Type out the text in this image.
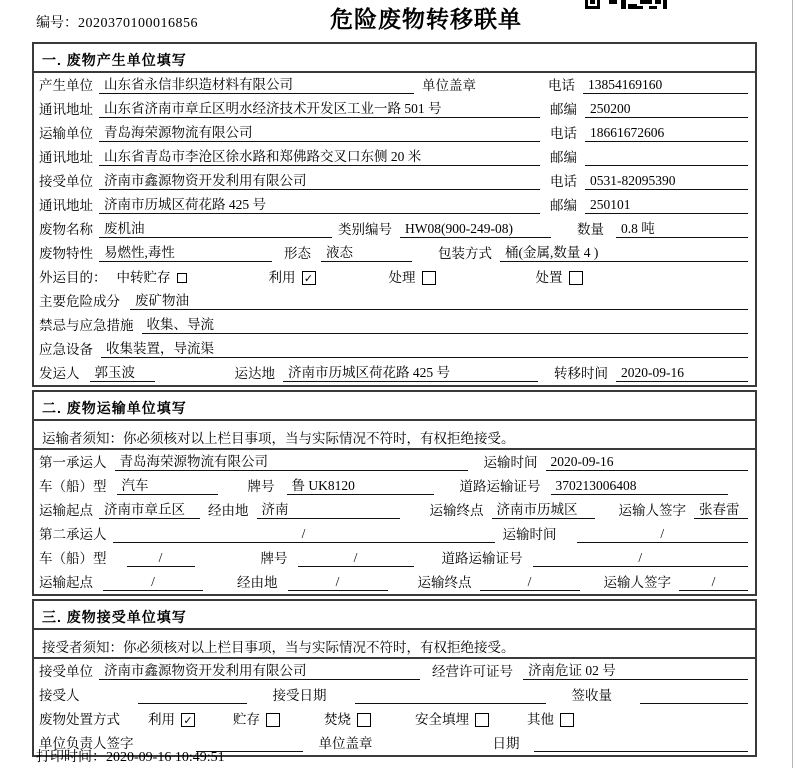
编号：2020370100016856	危险废物转移联单
一. 废物产生单位填写
产生单位 山东省永信非织造材料有限公司	单位盖章	电话 13854169160
通讯地址 山东省济南市章丘区明水经济技术开发区工业一路 501 号	邮编 250200
运输单位 青岛海荣源物流有限公司	电话 18661672606
通讯地址 山东省青岛市李沧区徐水路和郑佛路交叉口东侧 20 米	邮编
接受单位 济南市鑫源物资开发利用有限公司	电话 0531-82095390
通讯地址 济南市历城区荷花路 425 号	邮编 250101
废物名称 废机油	类别编号 HW08(900-249-08)	数量	0.8 吨
废物特性 易燃性,毒性	形态	液态	包装方式 桶(金属,数量 4 )
外运目的： 中转贮存	利用 ✓	处理	处置
主要危险成分	废矿物油
禁忌与应急措施 收集、导流
应急设备 收集装置，导流渠
发运人	郭玉波	运达地 济南市历城区荷花路 425 号	转移时间 2020-09-16
二. 废物运输单位填写
运输者须知：你必须核对以上栏目事项，当与实际情况不符时，有权拒绝接受。
第一承运人 青岛海荣源物流有限公司	运输时间 2020-09-16
车（船）型	汽车	牌号	鲁 UK8120	道路运输证号	370213006408
运输起点 济南市章丘区	经由地 济南	运输终点 济南市历城区	运输人签字 张春雷
第二承运人	/	运输时间	/
车（船）型	/	牌号	/	道路运输证号	/
运输起点	/	经由地	/	运输终点	/	运输人签字	/
三. 废物接受单位填写
接受者须知：你必须核对以上栏目事项，当与实际情况不符时，有权拒绝接受。
接受单位 济南市鑫源物资开发利用有限公司	经营许可证号	济南危证 02 号
接受人	接受日期	签收量
废物处置方式 利用 ✓	贮存	焚烧	安全填埋	其他
单位负责人签字	单位盖章	日期
打印时间：2020-09-16 10:49:51
